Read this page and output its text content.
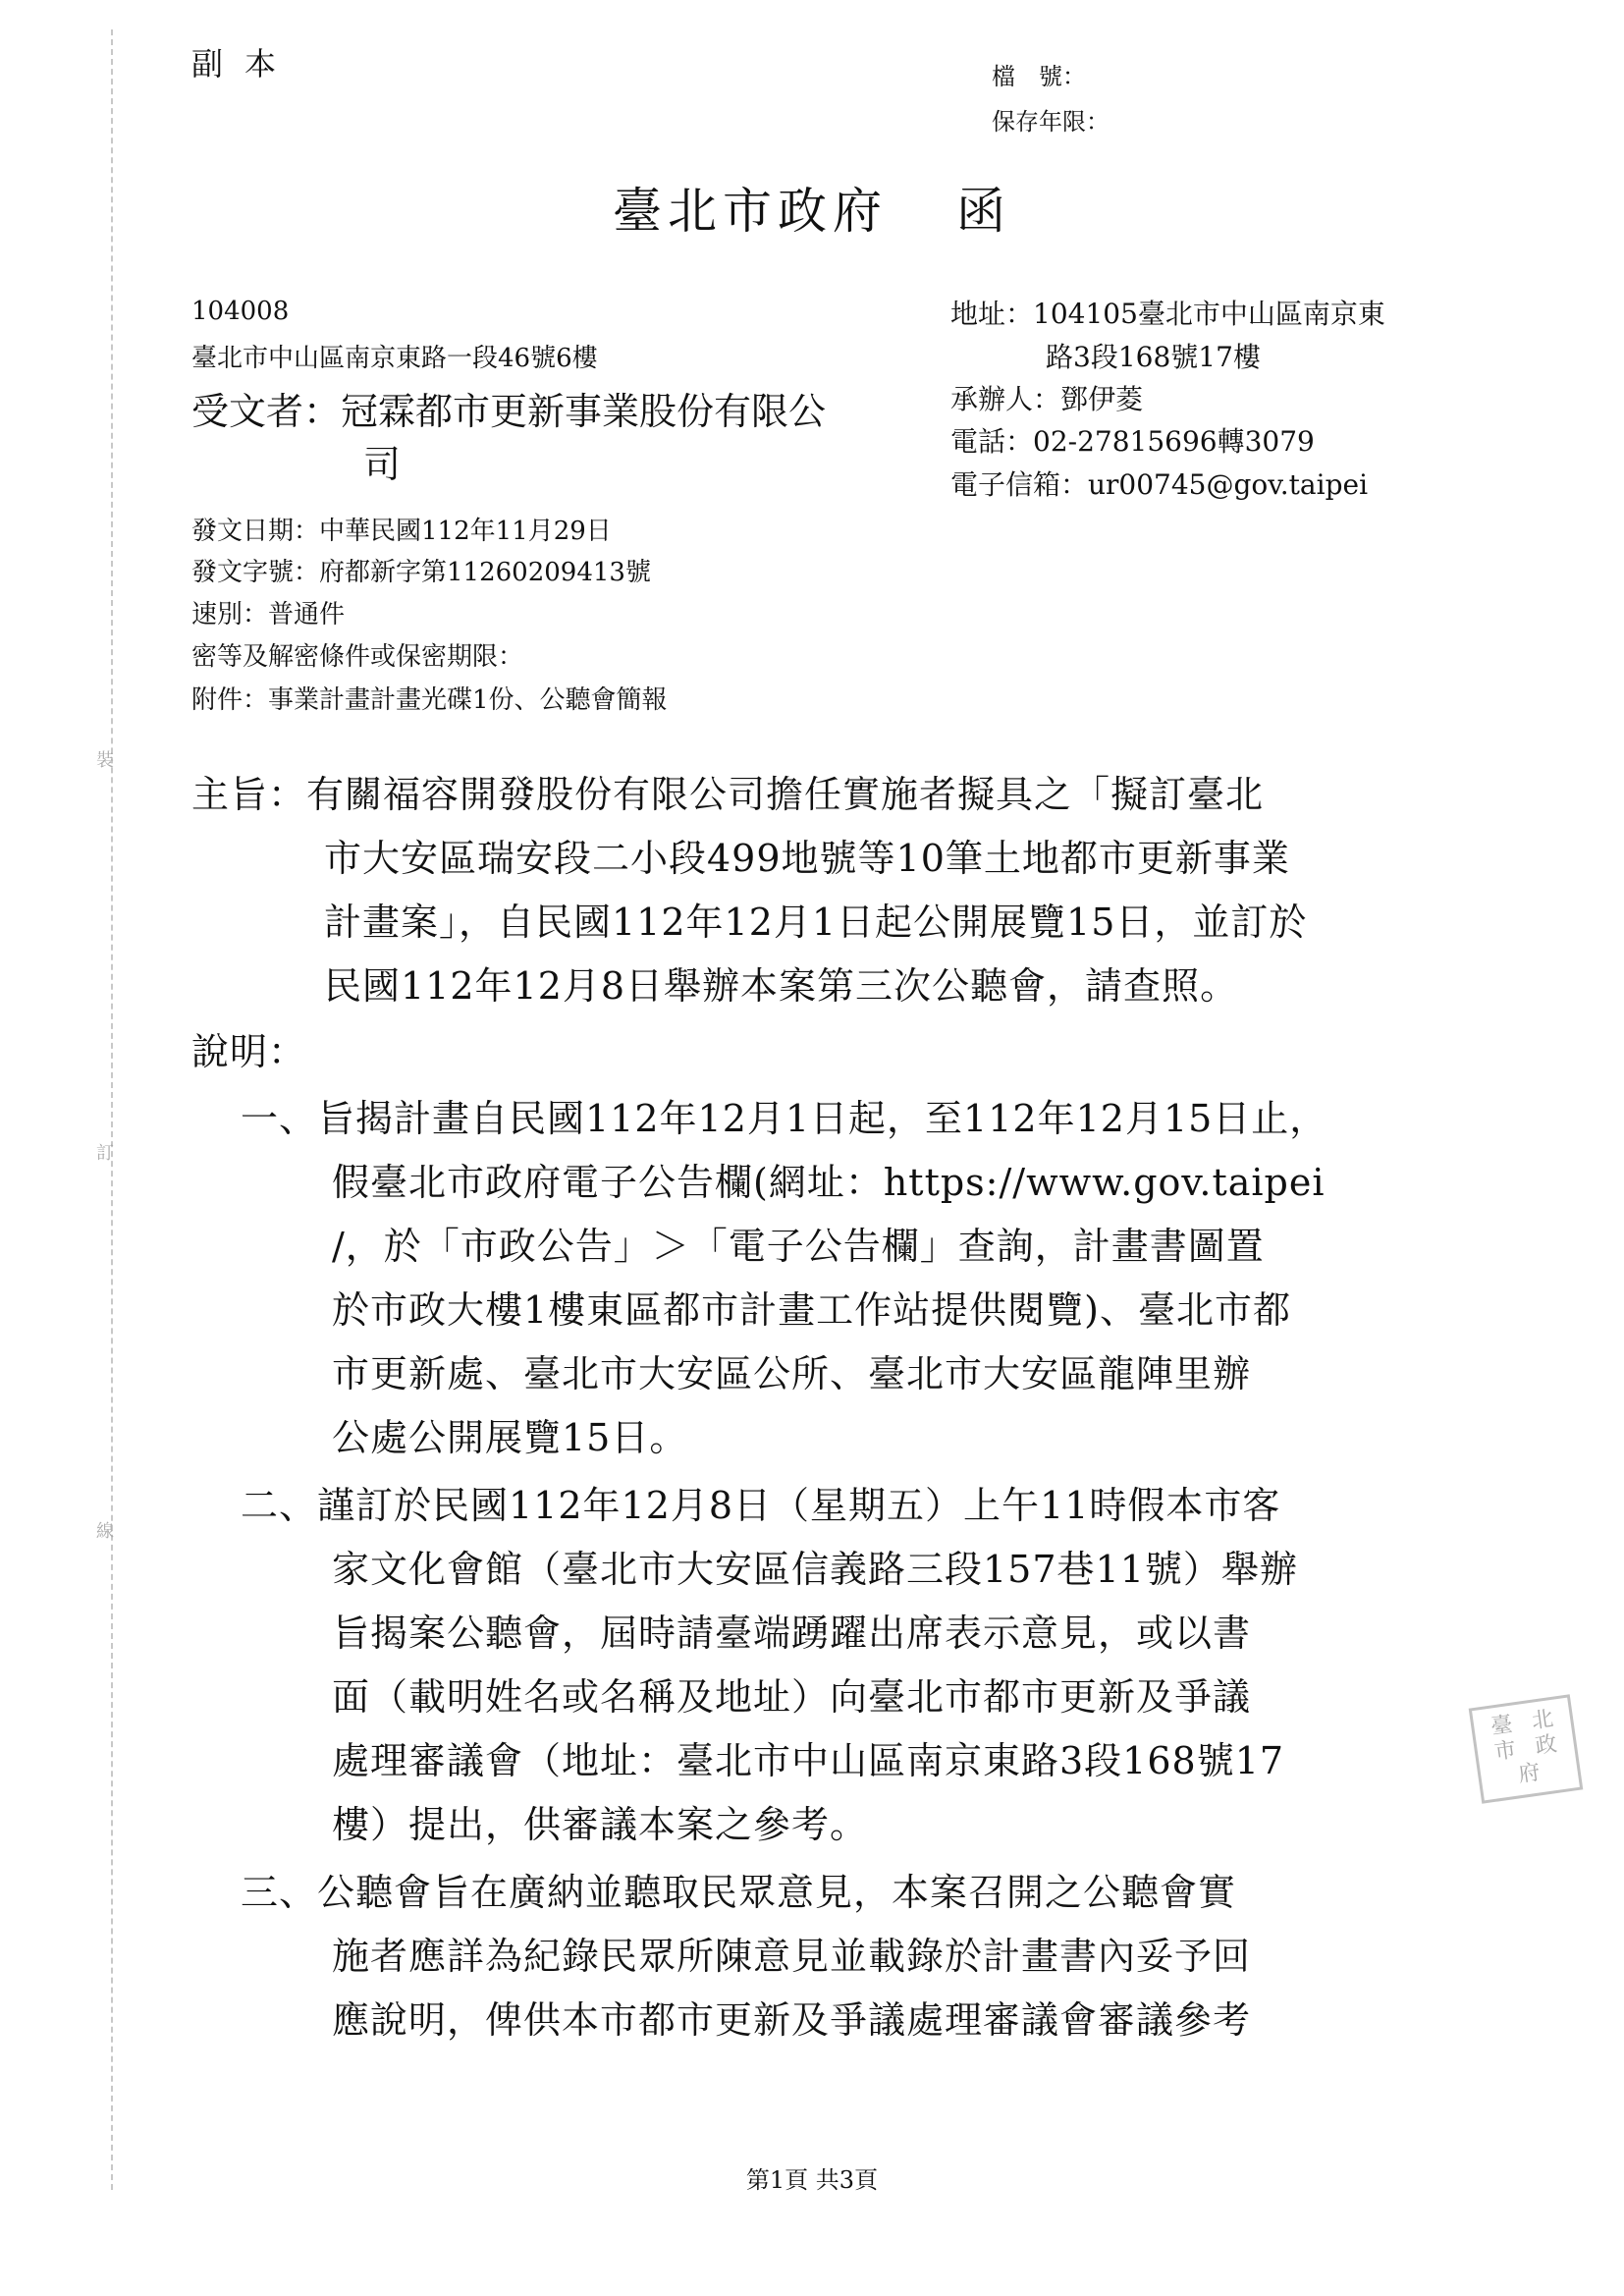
裝
訂
線
副本	檔　號：
保存年限：
臺北市政府 函
104008
臺北市中山區南京東路一段46號6樓
受文者：冠霖都市更新事業股份有限公
司
地址：104105臺北市中山區南京東
路3段168號17樓
承辦人：鄧伊菱
電話：02-27815696轉3079
電子信箱：ur00745@gov.taipei
發文日期：中華民國112年11月29日
發文字號：府都新字第11260209413號
速別：普通件
密等及解密條件或保密期限：
附件：事業計畫計畫光碟1份、公聽會簡報
主旨：有關福容開發股份有限公司擔任實施者擬具之「擬訂臺北
市大安區瑞安段二小段499地號等10筆土地都市更新事業
計畫案」，自民國112年12月1日起公開展覽15日，並訂於
民國112年12月8日舉辦本案第三次公聽會，請查照。
說明：
一、旨揭計畫自民國112年12月1日起，至112年12月15日止，
假臺北市政府電子公告欄(網址：https://www.gov.taipei
/，於「市政公告」＞「電子公告欄」查詢，計畫書圖置
於市政大樓1樓東區都市計畫工作站提供閱覽)、臺北市都
市更新處、臺北市大安區公所、臺北市大安區龍陣里辦
公處公開展覽15日。
二、謹訂於民國112年12月8日（星期五）上午11時假本市客
家文化會館（臺北市大安區信義路三段157巷11號）舉辦
旨揭案公聽會，屆時請臺端踴躍出席表示意見，或以書
面（載明姓名或名稱及地址）向臺北市都市更新及爭議
處理審議會（地址：臺北市中山區南京東路3段168號17
樓）提出，供審議本案之參考。
三、公聽會旨在廣納並聽取民眾意見，本案召開之公聽會實
施者應詳為紀錄民眾所陳意見並載錄於計畫書內妥予回
應說明，俾供本市都市更新及爭議處理審議會審議參考
臺 北
市 政
府
第1頁 共3頁
